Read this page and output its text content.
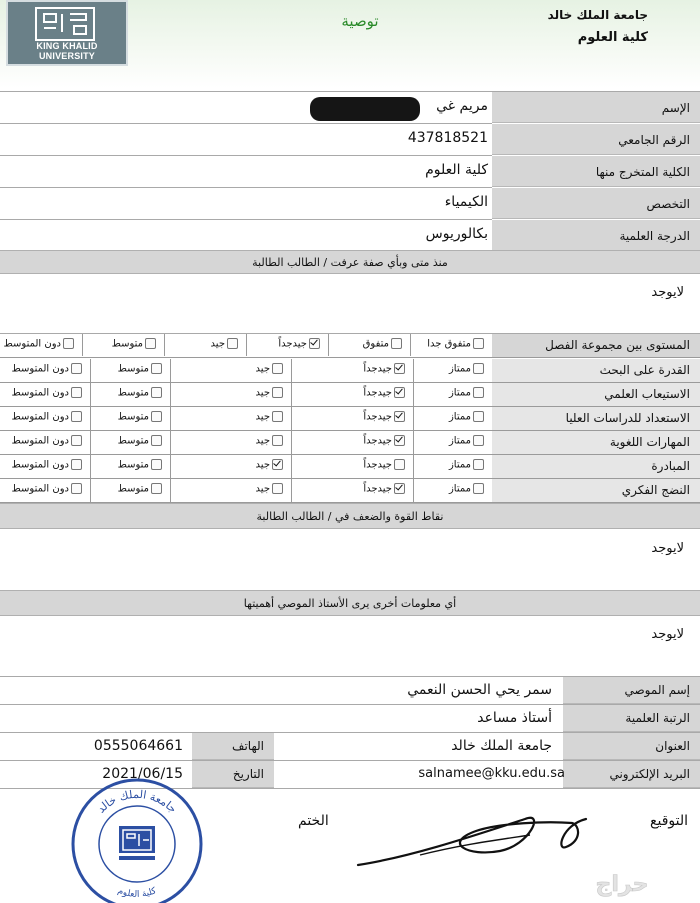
KING KHALID UNIVERSITY
توصية	جامعة الملك خالد
كلية العلوم
الإسم
مريم غي
الرقم الجامعي
437818521
الكلية المتخرج منها
كلية العلوم
التخصص
الكيمياء
الدرجة العلمية
بكالوريوس
منذ متى وبأي صفة عرفت / الطالب الطالبة
لايوجد
المستوى بين مجموعة الفصل
متفوق جدا
متفوق
جيدجداً
جيد
متوسط
دون المتوسط
القدرة على البحث
ممتاز
جيدجداً
جيد
متوسط
دون المتوسط
الاستيعاب العلمي
ممتاز
جيدجداً
جيد
متوسط
دون المتوسط
الاستعداد للدراسات العليا
ممتاز
جيدجداً
جيد
متوسط
دون المتوسط
المهارات اللغوية
ممتاز
جيدجداً
جيد
متوسط
دون المتوسط
المبادرة
ممتاز
جيدجداً
جيد
متوسط
دون المتوسط
النضج الفكري
ممتاز
جيدجداً
جيد
متوسط
دون المتوسط
نقاط القوة والضعف في / الطالب الطالبة
لايوجد
أي معلومات أخرى يرى الأستاذ الموصي أهميتها
لايوجد
إسم الموصي
سمر يحي الحسن النعمي
الرتبة العلمية
أستاذ مساعد
العنوان
جامعة الملك خالد
الهاتف
0555064661
البريد الإلكتروني
salnamee@kku.edu.sa
التاريخ
2021/06/15
التوقيع
الختم
جامعة الملك خالد
كلية العلوم	حراج
